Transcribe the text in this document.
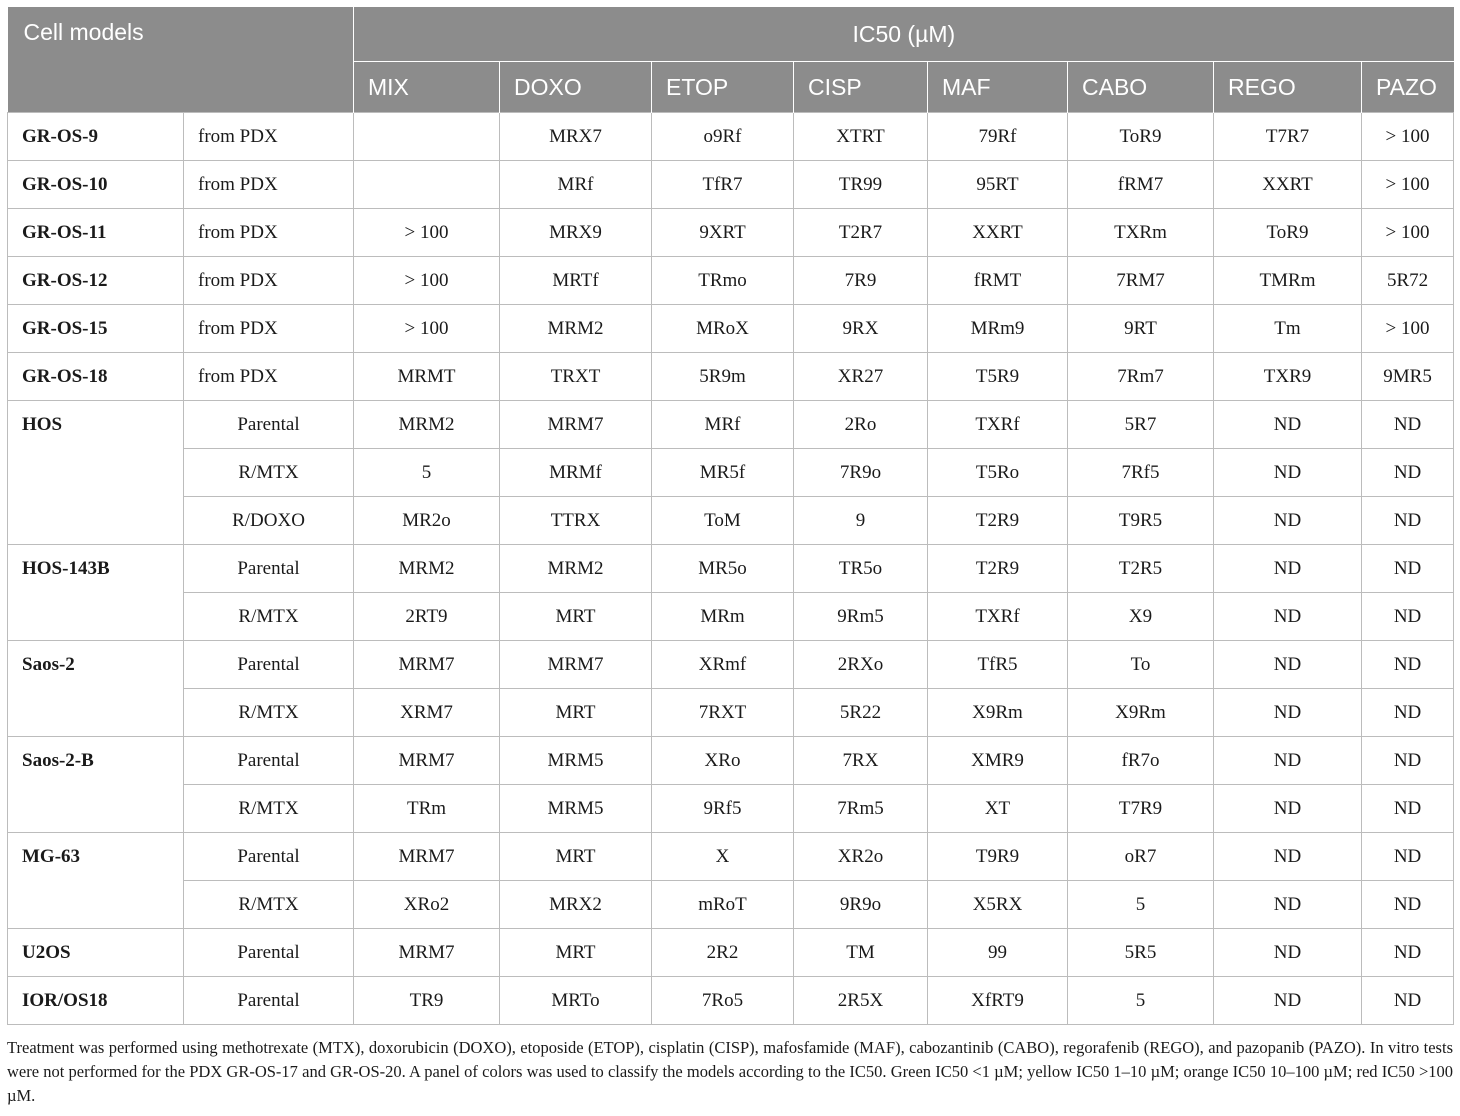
Cell models		IC50 (µM)							
		MIX	DOXO	ETOP	CISP	MAF	CABO	REGO	PAZO
GR-OS-9	from PDX		MRX7	o9Rf	XTRT	79Rf	ToR9	T7R7	> 100
GR-OS-10	from PDX		MRf	TfR7	TR99	95RT	fRM7	XXRT	> 100
GR-OS-11	from PDX	> 100	MRX9	9XRT	T2R7	XXRT	TXRm	ToR9	> 100
GR-OS-12	from PDX	> 100	MRTf	TRmo	7R9	fRMT	7RM7	TMRm	5R72
GR-OS-15	from PDX	> 100	MRM2	MRoX	9RX	MRm9	9RT	Tm	> 100
GR-OS-18	from PDX	MRMT	TRXT	5R9m	XR27	T5R9	7Rm7	TXR9	9MR5
HOS	Parental	MRM2	MRM7	MRf	2Ro	TXRf	5R7	ND	ND
	R/MTX	5	MRMf	MR5f	7R9o	T5Ro	7Rf5	ND	ND
	R/DOXO	MR2o	TTRX	ToM	9	T2R9	T9R5	ND	ND
HOS-143B	Parental	MRM2	MRM2	MR5o	TR5o	T2R9	T2R5	ND	ND
	R/MTX	2RT9	MRT	MRm	9Rm5	TXRf	X9	ND	ND
Saos-2	Parental	MRM7	MRM7	XRmf	2RXo	TfR5	To	ND	ND
	R/MTX	XRM7	MRT	7RXT	5R22	X9Rm	X9Rm	ND	ND
Saos-2-B	Parental	MRM7	MRM5	XRo	7RX	XMR9	fR7o	ND	ND
	R/MTX	TRm	MRM5	9Rf5	7Rm5	XT	T7R9	ND	ND
MG-63	Parental	MRM7	MRT	X	XR2o	T9R9	oR7	ND	ND
	R/MTX	XRo2	MRX2	mRoT	9R9o	X5RX	5	ND	ND
U2OS	Parental	MRM7	MRT	2R2	TM	99	5R5	ND	ND
IOR/OS18	Parental	TR9	MRTo	7Ro5	2R5X	XfRT9	5	ND	ND
Treatment was performed using methotrexate (MTX), doxorubicin (DOXO), etoposide (ETOP), cisplatin (CISP), mafosfamide (MAF), cabozantinib (CABO), regorafenib (REGO), and pazopanib (PAZO). In vitro tests were not performed for the PDX GR-OS-17 and GR-OS-20. A panel of colors was used to classify the models according to the IC50. Green IC50 <1 µM; yellow IC50 1–10 µM; orange IC50 10–100 µM; red IC50 >100 µM.
